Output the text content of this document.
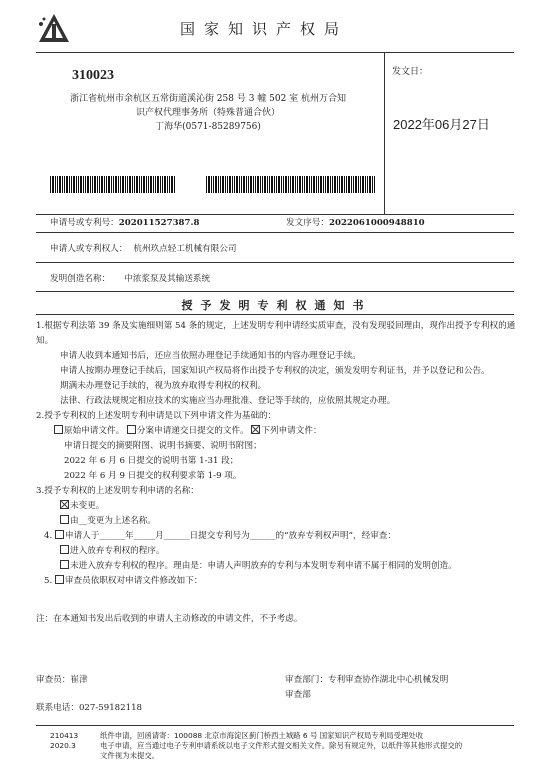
国家知识产权局
310023
浙江省杭州市余杭区五常街道溪沁街 258 号 3 幢 502 室 杭州万合知
识产权代理事务所（特殊普通合伙）
丁海华(0571-85289756)
发文日：
2022年06月27日
申请号或专利号：202011527387.8	发文序号：2022061000948810
申请人或专利权人： 杭州玖点轻工机械有限公司
发明创造名称： 中浓浆泵及其输送系统
授予发明专利权通知书
1.根据专利法第 39 条及实施细则第 54 条的规定，上述发明专利申请经实质审查，没有发现驳回理由，现作出授予专利权的通知。
申请人收到本通知书后，还应当依照办理登记手续通知书的内容办理登记手续。
申请人按期办理登记手续后，国家知识产权局将作出授予专利权的决定，颁发发明专利证书，并予以登记和公告。
期满未办理登记手续的，视为放弃取得专利权的权利。
法律、行政法规规定相应技术的实施应当办理批准、登记等手续的，应依照其规定办理。
2.授予专利权的上述发明专利申请是以下列申请文件为基础的：
原始申请文件。 分案申请递交日提交的文件。 下列申请文件：
申请日提交的摘要附图、说明书摘要、说明书附图；
2022 年 6 月 6 日提交的说明书第 1-31 段；
2022 年 6 月 9 日提交的权利要求第 1-9 项。
3.授予专利权的上述发明专利申请的名称：
未变更。
由__变更为上述名称。
4. 申请人于______年_____月______日提交专利号为______的“放弃专利权声明”，经审查：
进入放弃专利权的程序。
未进入放弃专利权的程序。理由是：申请人声明放弃的专利与本发明专利申请不属于相同的发明创造。
5. 审查员依职权对申请文件修改如下：
注：在本通知书发出后收到的申请人主动修改的申请文件，不予考虑。
审查员：崔津	审查部门：专利审查协作湖北中心机械发明
审查部
联系电话：027-59182118
210413
2020.3
纸件申请，回函请寄：100088 北京市海淀区蓟门桥西土城路 6 号 国家知识产权局专利局受理处收
电子申请，应当通过电子专利申请系统以电子文件形式提交相关文件。除另有规定外，以纸件等其他形式提交的
文件视为未提交。
